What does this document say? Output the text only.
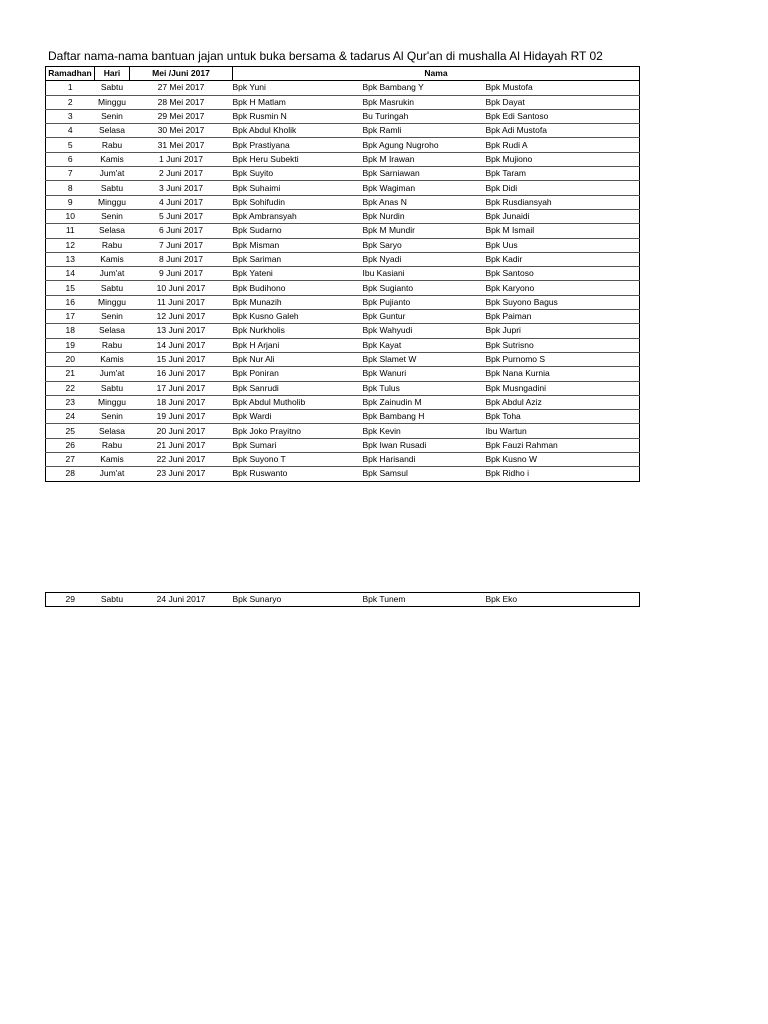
Daftar nama-nama bantuan jajan untuk buka bersama & tadarus Al Qur'an di mushalla Al Hidayah RT 02
Ramadhan	Hari	Mei /Juni 2017	Nama		
1	Sabtu	27 Mei 2017	Bpk Yuni	Bpk Bambang Y	Bpk Mustofa
2	Minggu	28 Mei 2017	Bpk H Matlam	Bpk Masrukin	Bpk Dayat
3	Senin	29 Mei 2017	Bpk Rusmin N	Bu Turingah	Bpk Edi Santoso
4	Selasa	30 Mei 2017	Bpk Abdul Kholik	Bpk Ramli	Bpk Adi Mustofa
5	Rabu	31 Mei 2017	Bpk Prastiyana	Bpk Agung Nugroho	Bpk Rudi A
6	Kamis	1 Juni 2017	Bpk Heru Subekti	Bpk M Irawan	Bpk Mujiono
7	Jum'at	2 Juni 2017	Bpk Suyito	Bpk Sarniawan	Bpk Taram
8	Sabtu	3 Juni 2017	Bpk Suhaimi	Bpk Wagiman	Bpk Didi
9	Minggu	4 Juni 2017	Bpk Sohifudin	Bpk Anas N	Bpk Rusdiansyah
10	Senin	5 Juni 2017	Bpk Ambransyah	Bpk Nurdin	Bpk Junaidi
11	Selasa	6 Juni 2017	Bpk Sudarno	Bpk M Mundir	Bpk M Ismail
12	Rabu	7 Juni 2017	Bpk Misman	Bpk Saryo	Bpk Uus
13	Kamis	8 Juni 2017	Bpk Sariman	Bpk Nyadi	Bpk Kadir
14	Jum'at	9 Juni 2017	Bpk Yateni	Ibu Kasiani	Bpk Santoso
15	Sabtu	10 Juni 2017	Bpk Budihono	Bpk Sugianto	Bpk Karyono
16	Minggu	11 Juni 2017	Bpk Munazih	Bpk Pujianto	Bpk Suyono Bagus
17	Senin	12 Juni 2017	Bpk Kusno Galeh	Bpk Guntur	Bpk Paiman
18	Selasa	13 Juni 2017	Bpk Nurkholis	Bpk Wahyudi	Bpk Jupri
19	Rabu	14 Juni 2017	Bpk H Arjani	Bpk Kayat	Bpk Sutrisno
20	Kamis	15 Juni 2017	Bpk Nur Ali	Bpk Slamet W	Bpk Purnomo S
21	Jum'at	16 Juni 2017	Bpk Poniran	Bpk Wanuri	Bpk Nana Kurnia
22	Sabtu	17 Juni 2017	Bpk Sanrudi	Bpk Tulus	Bpk Musngadini
23	Minggu	18 Juni 2017	Bpk Abdul Mutholib	Bpk Zainudin M	Bpk Abdul Aziz
24	Senin	19 Juni 2017	Bpk Wardi	Bpk Bambang H	Bpk Toha
25	Selasa	20 Juni 2017	Bpk Joko Prayitno	Bpk Kevin	Ibu Wartun
26	Rabu	21 Juni 2017	Bpk Sumari	Bpk Iwan Rusadi	Bpk Fauzi Rahman
27	Kamis	22 Juni 2017	Bpk Suyono T	Bpk Harisandi	Bpk Kusno W
28	Jum'at	23 Juni 2017	Bpk Ruswanto	Bpk Samsul	Bpk Ridho i
29	Sabtu	24 Juni 2017	Bpk Sunaryo	Bpk Tunem	Bpk Eko
